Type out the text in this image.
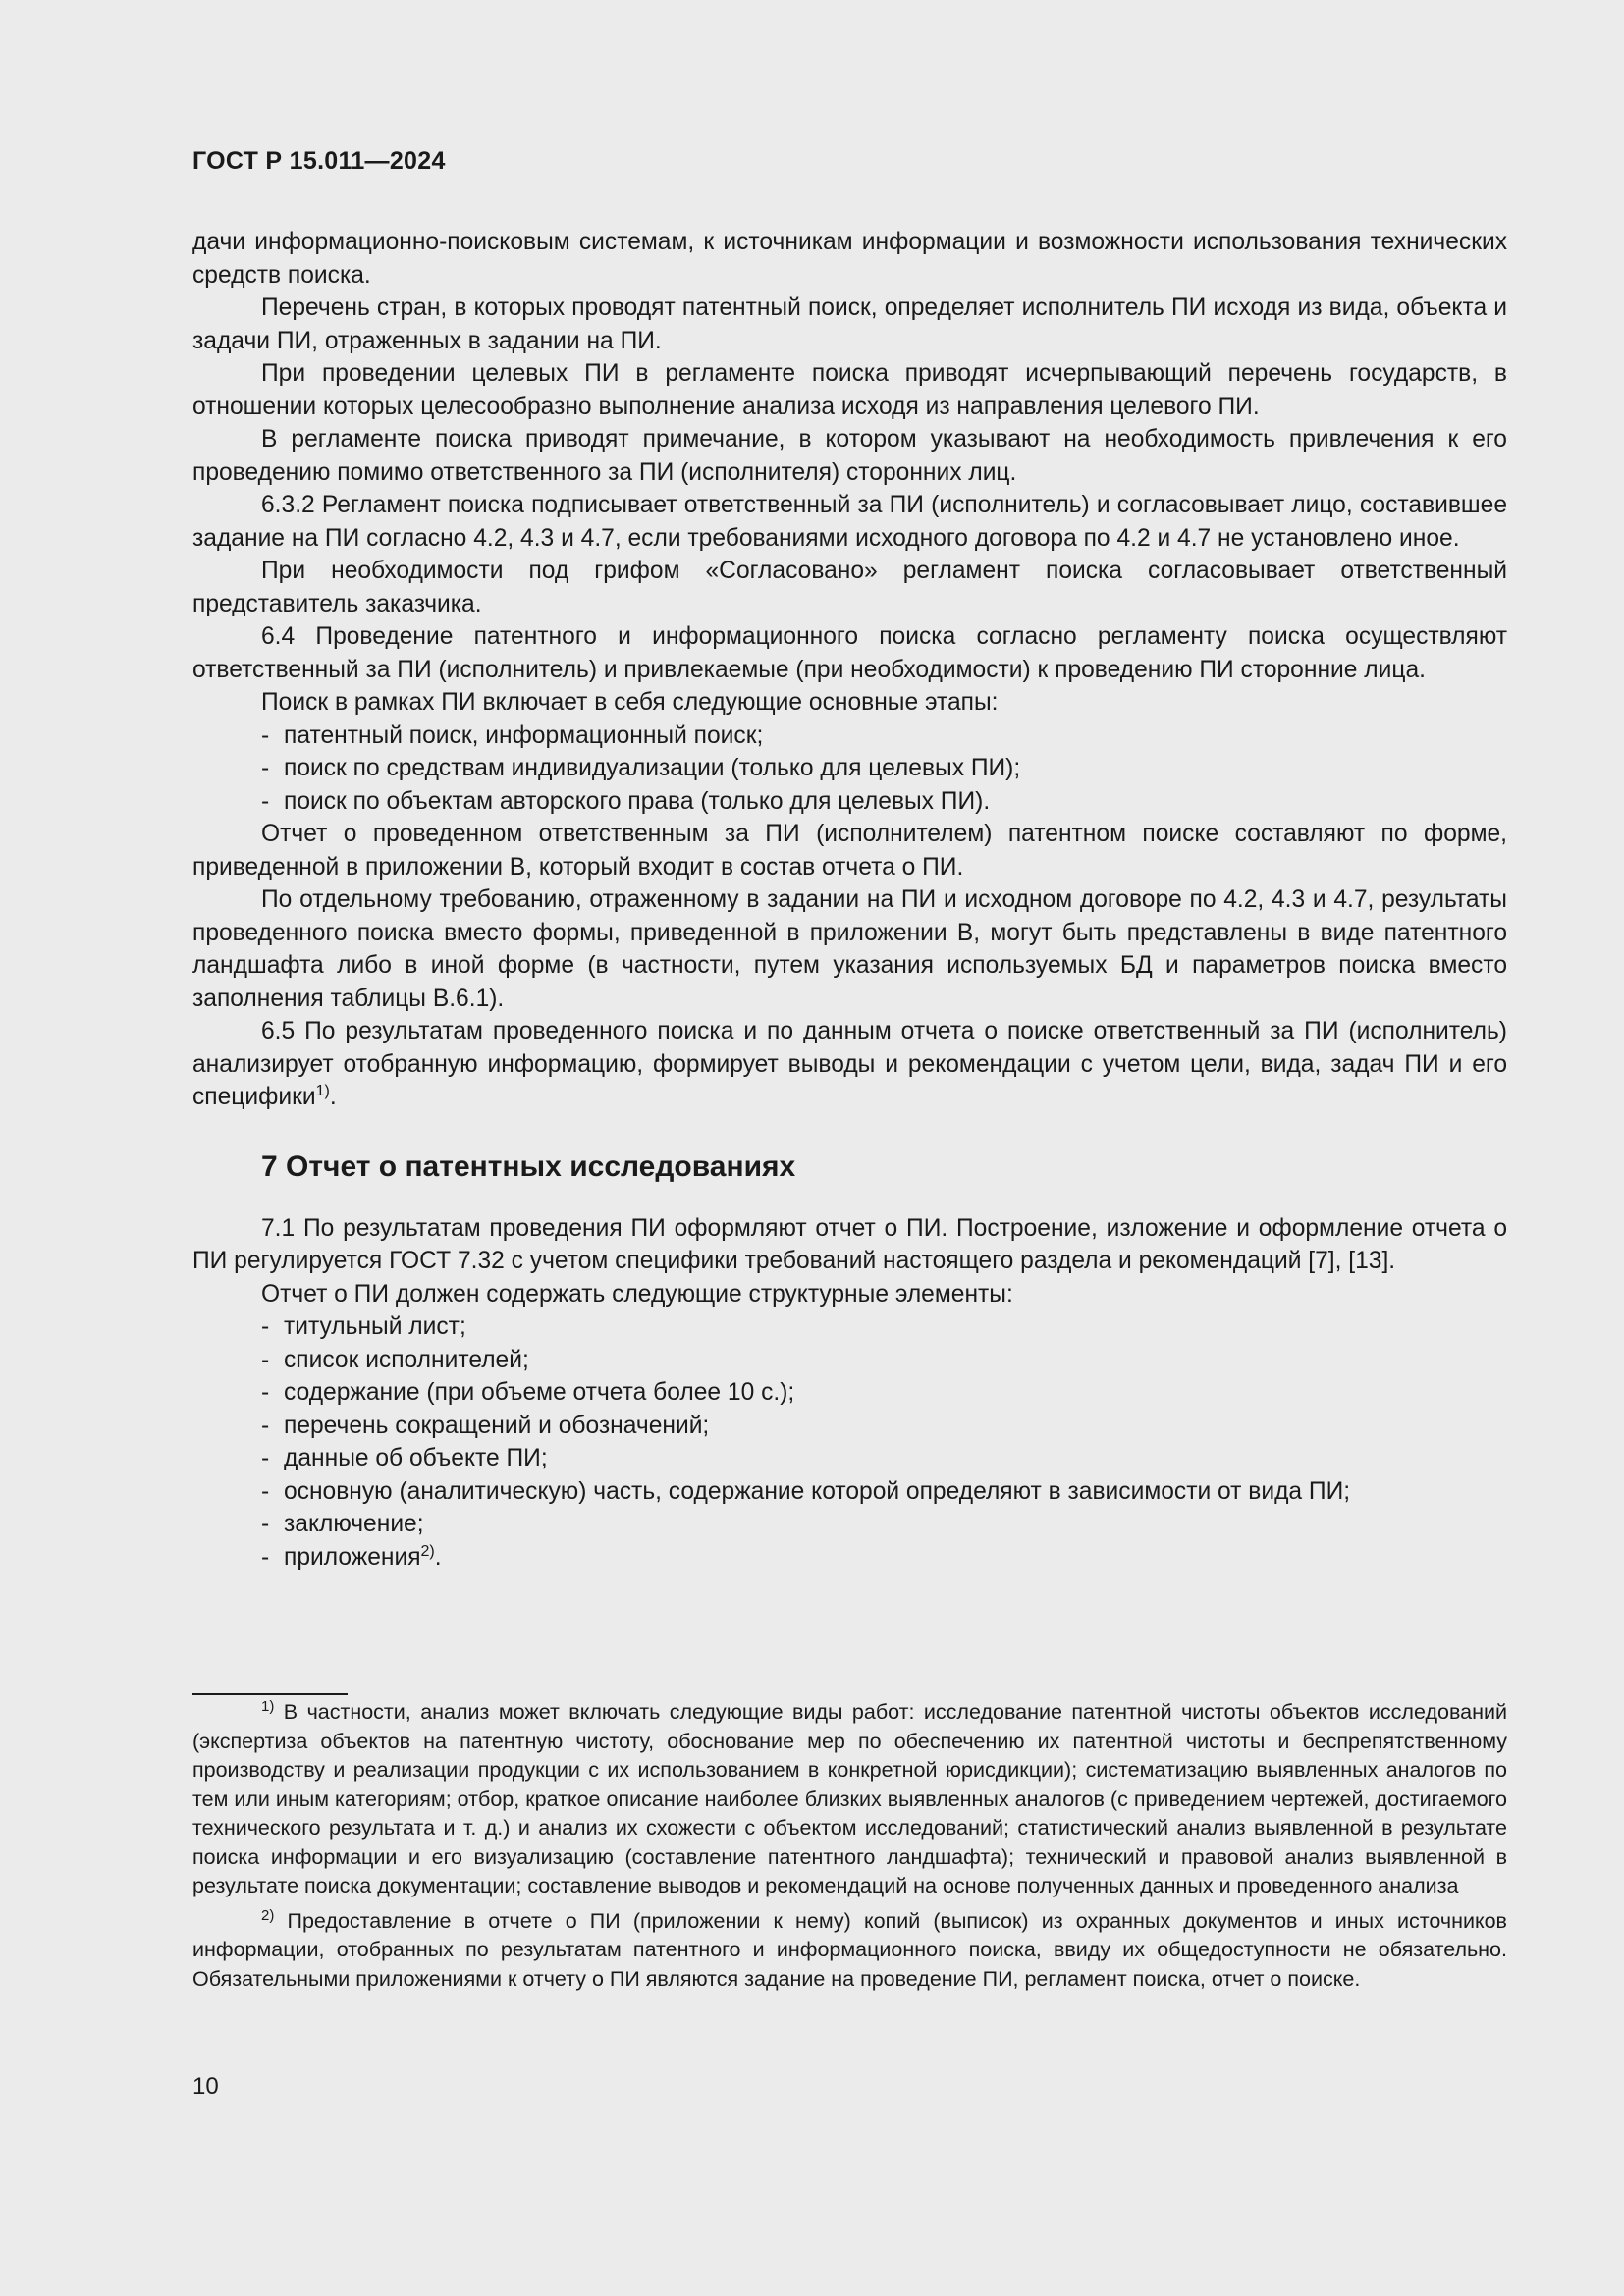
ГОСТ Р 15.011—2024

дачи информационно-поисковым системам, к источникам информации и возможности использования технических средств поиска.

Перечень стран, в которых проводят патентный поиск, определяет исполнитель ПИ исходя из вида, объекта и задачи ПИ, отраженных в задании на ПИ.

При проведении целевых ПИ в регламенте поиска приводят исчерпывающий перечень государств, в отношении которых целесообразно выполнение анализа исходя из направления целевого ПИ.

В регламенте поиска приводят примечание, в котором указывают на необходимость привлечения к его проведению помимо ответственного за ПИ (исполнителя) сторонних лиц.

6.3.2 Регламент поиска подписывает ответственный за ПИ (исполнитель) и согласовывает лицо, составившее задание на ПИ согласно 4.2, 4.3 и 4.7, если требованиями исходного договора по 4.2 и 4.7 не установлено иное.

При необходимости под грифом «Согласовано» регламент поиска согласовывает ответственный представитель заказчика.

6.4 Проведение патентного и информационного поиска согласно регламенту поиска осуществляют ответственный за ПИ (исполнитель) и привлекаемые (при необходимости) к проведению ПИ сторонние лица.

Поиск в рамках ПИ включает в себя следующие основные этапы:

- патентный поиск, информационный поиск;

- поиск по средствам индивидуализации (только для целевых ПИ);

- поиск по объектам авторского права (только для целевых ПИ).

Отчет о проведенном ответственным за ПИ (исполнителем) патентном поиске составляют по форме, приведенной в приложении В, который входит в состав отчета о ПИ.

По отдельному требованию, отраженному в задании на ПИ и исходном договоре по 4.2, 4.3 и 4.7, результаты проведенного поиска вместо формы, приведенной в приложении В, могут быть представлены в виде патентного ландшафта либо в иной форме (в частности, путем указания используемых БД и параметров поиска вместо заполнения таблицы В.6.1).

6.5 По результатам проведенного поиска и по данным отчета о поиске ответственный за ПИ (исполнитель) анализирует отобранную информацию, формирует выводы и рекомендации с учетом цели, вида, задач ПИ и его специфики$^{1)}$.

7 Отчет о патентных исследованиях

7.1 По результатам проведения ПИ оформляют отчет о ПИ. Построение, изложение и оформление отчета о ПИ регулируется ГОСТ 7.32 с учетом специфики требований настоящего раздела и рекомендаций [7], [13].

Отчет о ПИ должен содержать следующие структурные элементы:

- титульный лист;

- список исполнителей;

- содержание (при объеме отчета более 10 с.);

- перечень сокращений и обозначений;

- данные об объекте ПИ;

- основную (аналитическую) часть, содержание которой определяют в зависимости от вида ПИ;

- заключение;

- приложения$^{2)}$.

$^{1)}$ В частности, анализ может включать следующие виды работ: исследование патентной чистоты объектов исследований (экспертиза объектов на патентную чистоту, обоснование мер по обеспечению их патентной чистоты и беспрепятственному производству и реализации продукции с их использованием в конкретной юрисдикции); систематизацию выявленных аналогов по тем или иным категориям; отбор, краткое описание наиболее близких выявленных аналогов (с приведением чертежей, достигаемого технического результата и т. д.) и анализ их схожести с объектом исследований; статистический анализ выявленной в результате поиска информации и его визуализацию (составление патентного ландшафта); технический и правовой анализ выявленной в результате поиска документации; составление выводов и рекомендаций на основе полученных данных и проведенного анализа

$^{2)}$ Предоставление в отчете о ПИ (приложении к нему) копий (выписок) из охранных документов и иных источников информации, отобранных по результатам патентного и информационного поиска, ввиду их общедоступности не обязательно. Обязательными приложениями к отчету о ПИ являются задание на проведение ПИ, регламент поиска, отчет о поиске.

10
